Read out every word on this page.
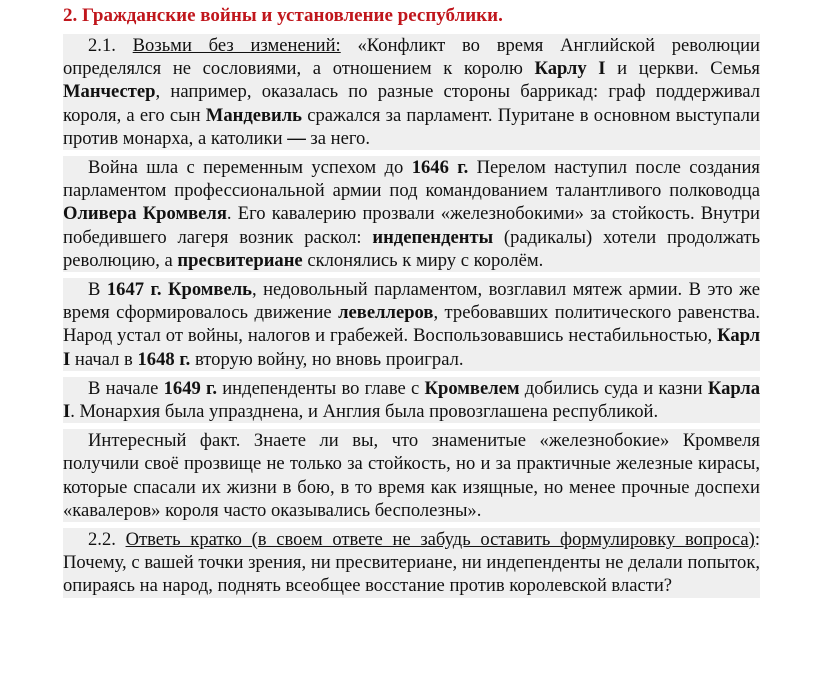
2. Гражданские войны и установление республики.

2.1. Возьми без изменений: «Конфликт во время Английской революции определялся не сословиями, а отношением к королю Карлу I и церкви. Семья Манчестер, например, оказалась по разные стороны баррикад: граф поддерживал короля, а его сын Мандевиль сражался за парламент. Пуритане в основном выступали против монарха, а католики — за него.

Война шла с переменным успехом до 1646 г. Перелом наступил после создания парламентом профессиональной армии под командованием талантливого полководца Оливера Кромвеля. Его кавалерию прозвали «железнобокими» за стойкость. Внутри победившего лагеря возник раскол: индепенденты (радикалы) хотели продолжать революцию, а пресвитериане склонялись к миру с королём.

В 1647 г. Кромвель, недовольный парламентом, возглавил мятеж армии. В это же время сформировалось движение левеллеров, требовавших политического равенства. Народ устал от войны, налогов и грабежей. Воспользовавшись нестабильностью, Карл I начал в 1648 г. вторую войну, но вновь проиграл.

В начале 1649 г. индепенденты во главе с Кромвелем добились суда и казни Карла I. Монархия была упразднена, и Англия была провозглашена республикой.

Интересный факт. Знаете ли вы, что знаменитые «железнобокие» Кромвеля получили своё прозвище не только за стойкость, но и за практичные железные кирасы, которые спасали их жизни в бою, в то время как изящные, но менее прочные доспехи «кавалеров» короля часто оказывались бесполезны».

2.2. Ответь кратко (в своем ответе не забудь оставить формулировку вопроса): Почему, с вашей точки зрения, ни пресвитериане, ни индепенденты не делали попыток, опираясь на народ, поднять всеобщее восстание против королевской власти?
